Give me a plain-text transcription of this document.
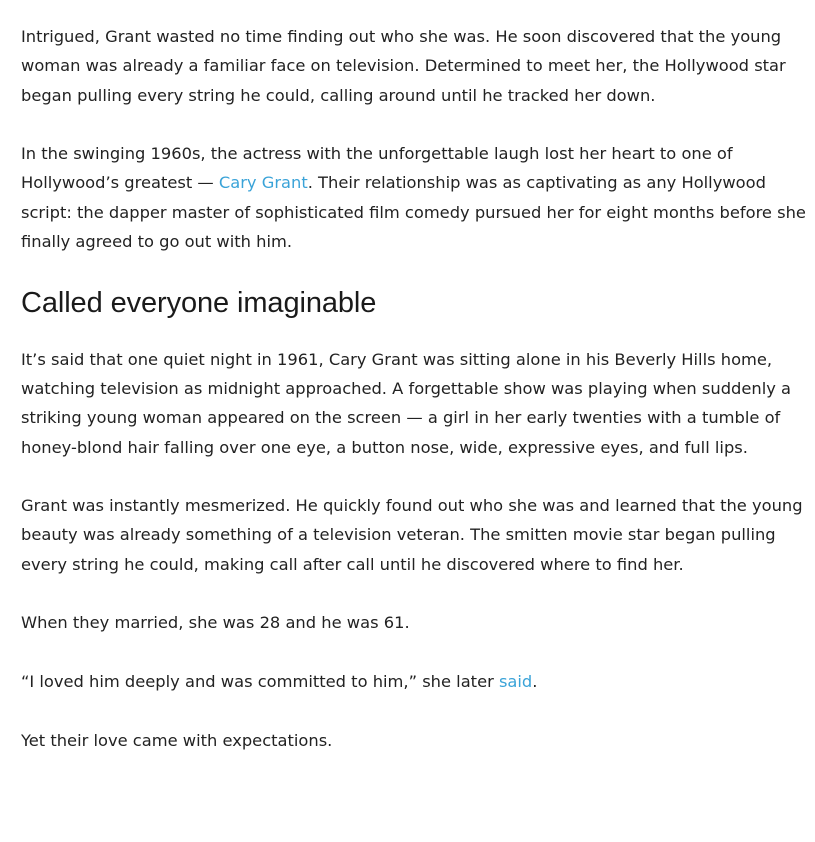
Intrigued, Grant wasted no time finding out who she was. He soon discovered that the young woman was already a familiar face on television. Determined to meet her, the Hollywood star began pulling every string he could, calling around until he tracked her down.

In the swinging 1960s, the actress with the unforgettable laugh lost her heart to one of Hollywood’s greatest — Cary Grant. Their relationship was as captivating as any Hollywood script: the dapper master of sophisticated film comedy pursued her for eight months before she finally agreed to go out with him.

Called everyone imaginable

It’s said that one quiet night in 1961, Cary Grant was sitting alone in his Beverly Hills home, watching television as midnight approached. A forgettable show was playing when suddenly a striking young woman appeared on the screen — a girl in her early twenties with a tumble of honey-blond hair falling over one eye, a button nose, wide, expressive eyes, and full lips.

Grant was instantly mesmerized. He quickly found out who she was and learned that the young beauty was already something of a television veteran. The smitten movie star began pulling every string he could, making call after call until he discovered where to find her.

When they married, she was 28 and he was 61.

“I loved him deeply and was committed to him,” she later said.

Yet their love came with expectations.
